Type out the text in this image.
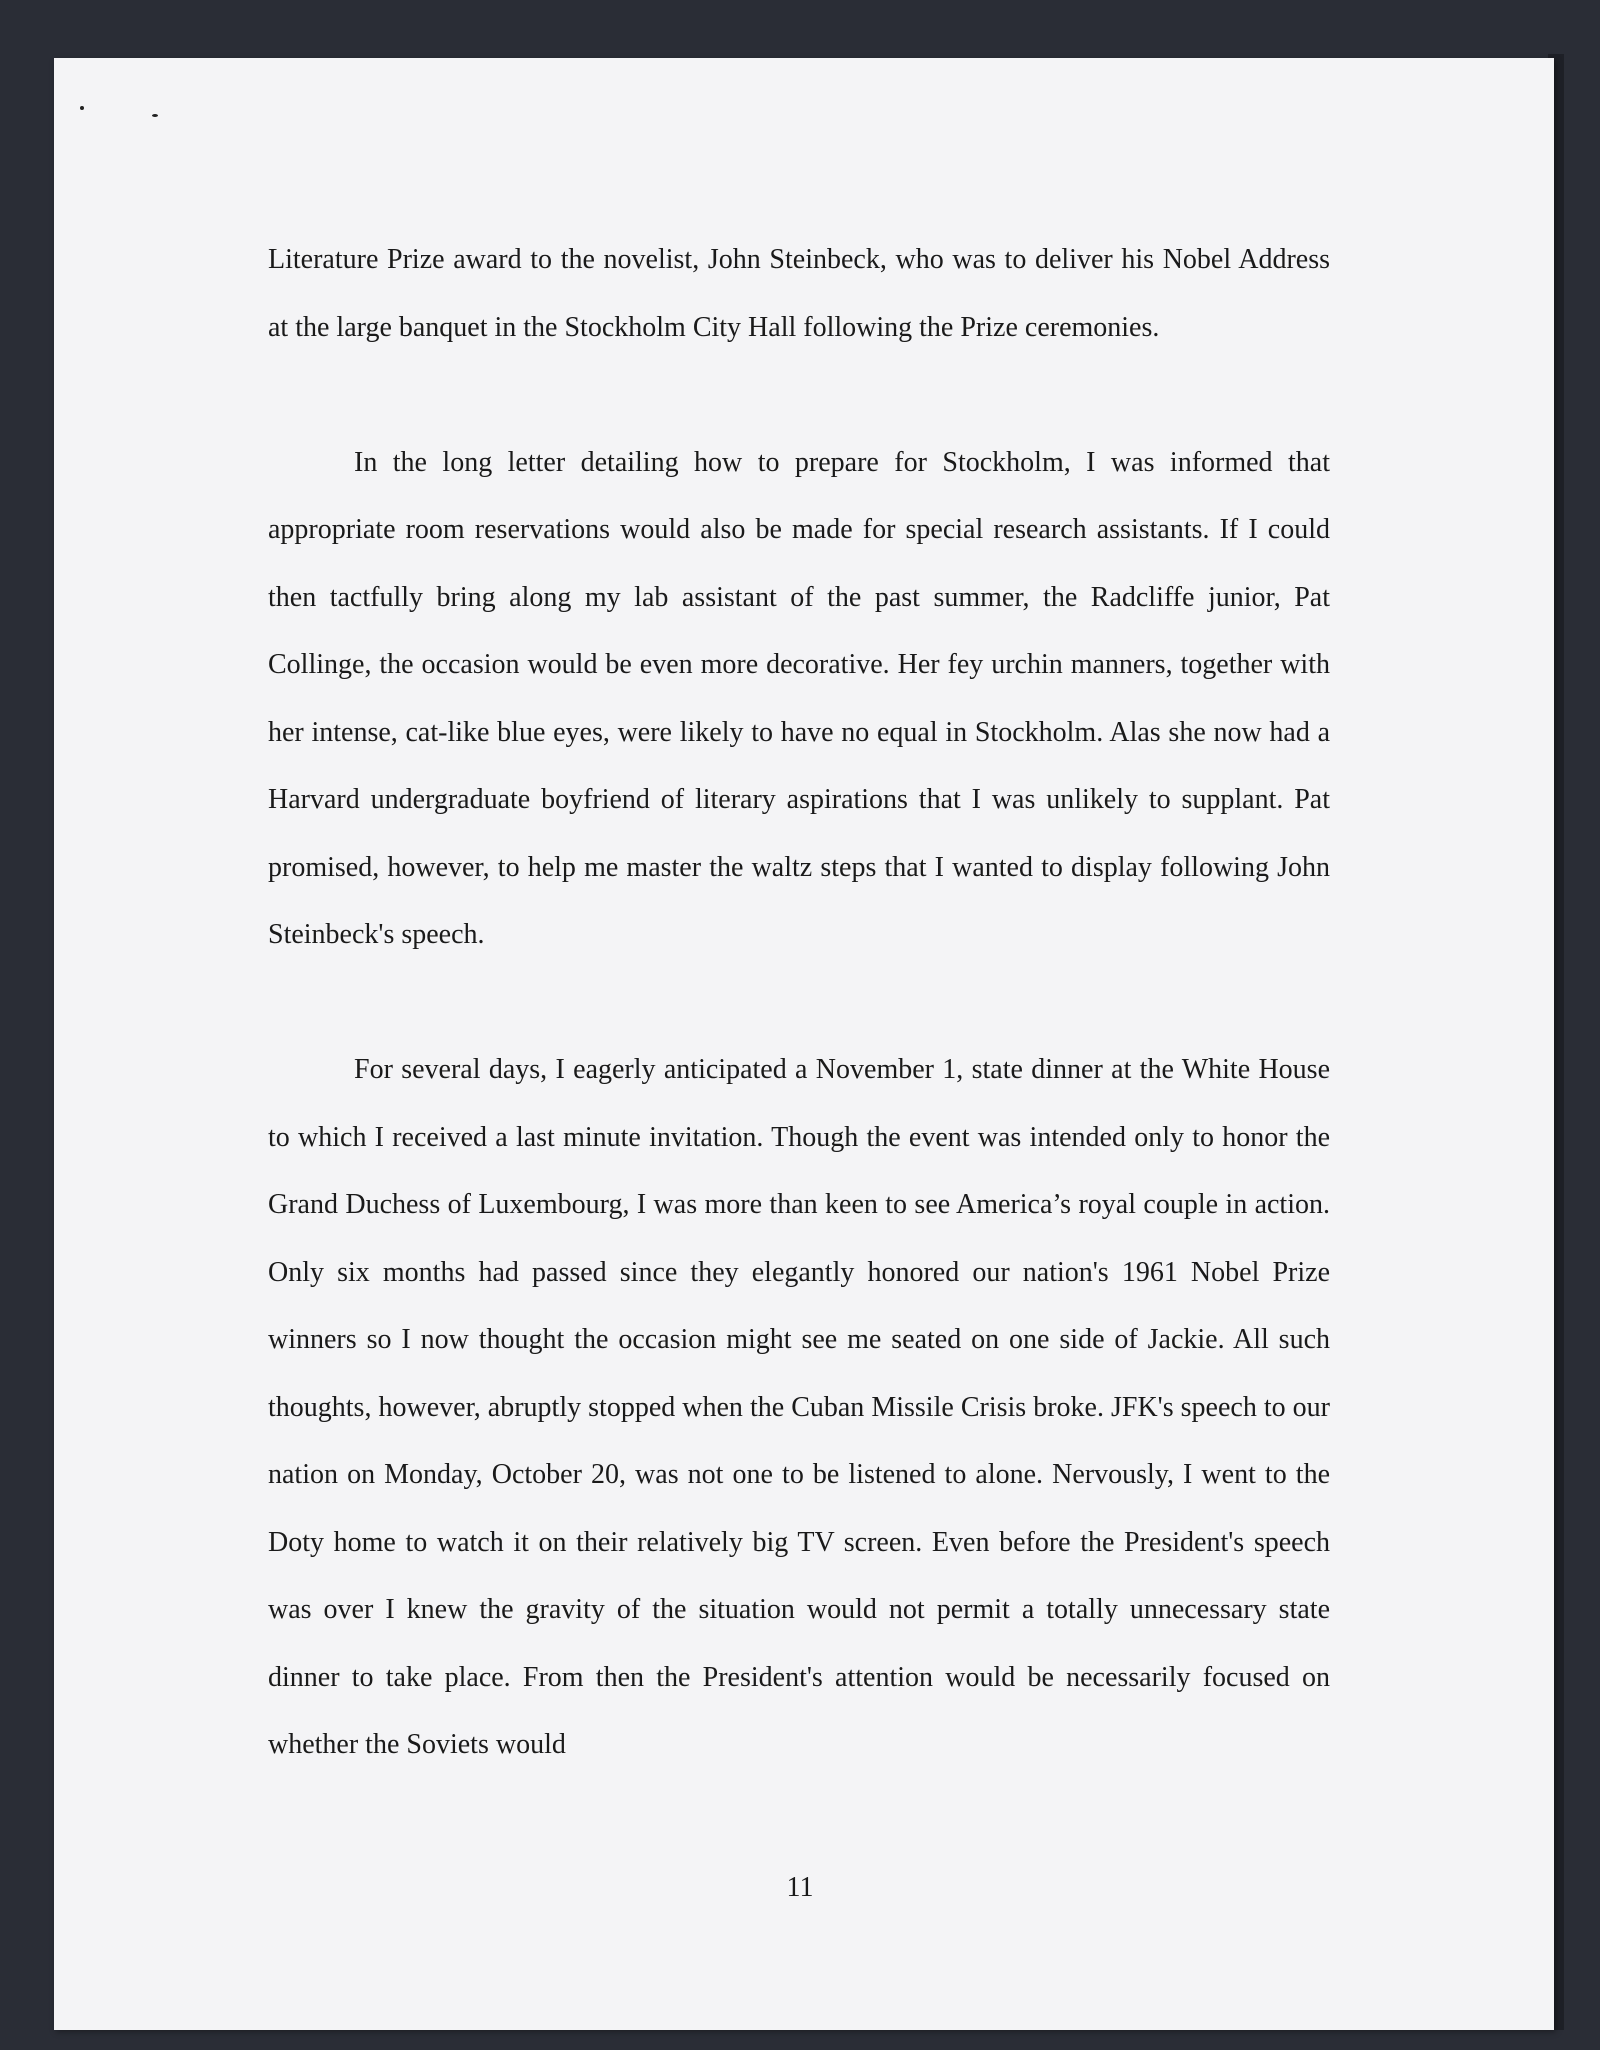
Literature Prize award to the novelist, John Steinbeck, who was to deliver his Nobel Address at the large banquet in the Stockholm City Hall following the Prize ceremonies.

In the long letter detailing how to prepare for Stockholm, I was informed that appropriate room reservations would also be made for special research assistants. If I could then tactfully bring along my lab assistant of the past summer, the Radcliffe junior, Pat Collinge, the occasion would be even more decorative. Her fey urchin manners, together with her intense, cat-like blue eyes, were likely to have no equal in Stockholm. Alas she now had a Harvard undergraduate boyfriend of literary aspirations that I was unlikely to supplant. Pat promised, however, to help me master the waltz steps that I wanted to display following John Steinbeck's speech.

For several days, I eagerly anticipated a November 1, state dinner at the White House to which I received a last minute invitation. Though the event was intended only to honor the Grand Duchess of Luxembourg, I was more than keen to see America’s royal couple in action. Only six months had passed since they elegantly honored our nation's 1961 Nobel Prize winners so I now thought the occasion might see me seated on one side of Jackie. All such thoughts, however, abruptly stopped when the Cuban Missile Crisis broke. JFK's speech to our nation on Monday, October 20, was not one to be listened to alone. Nervously, I went to the Doty home to watch it on their relatively big TV screen. Even before the President's speech was over I knew the gravity of the situation would not permit a totally unnecessary state dinner to take place. From then the President's attention would be necessarily focused on whether the Soviets would

11
